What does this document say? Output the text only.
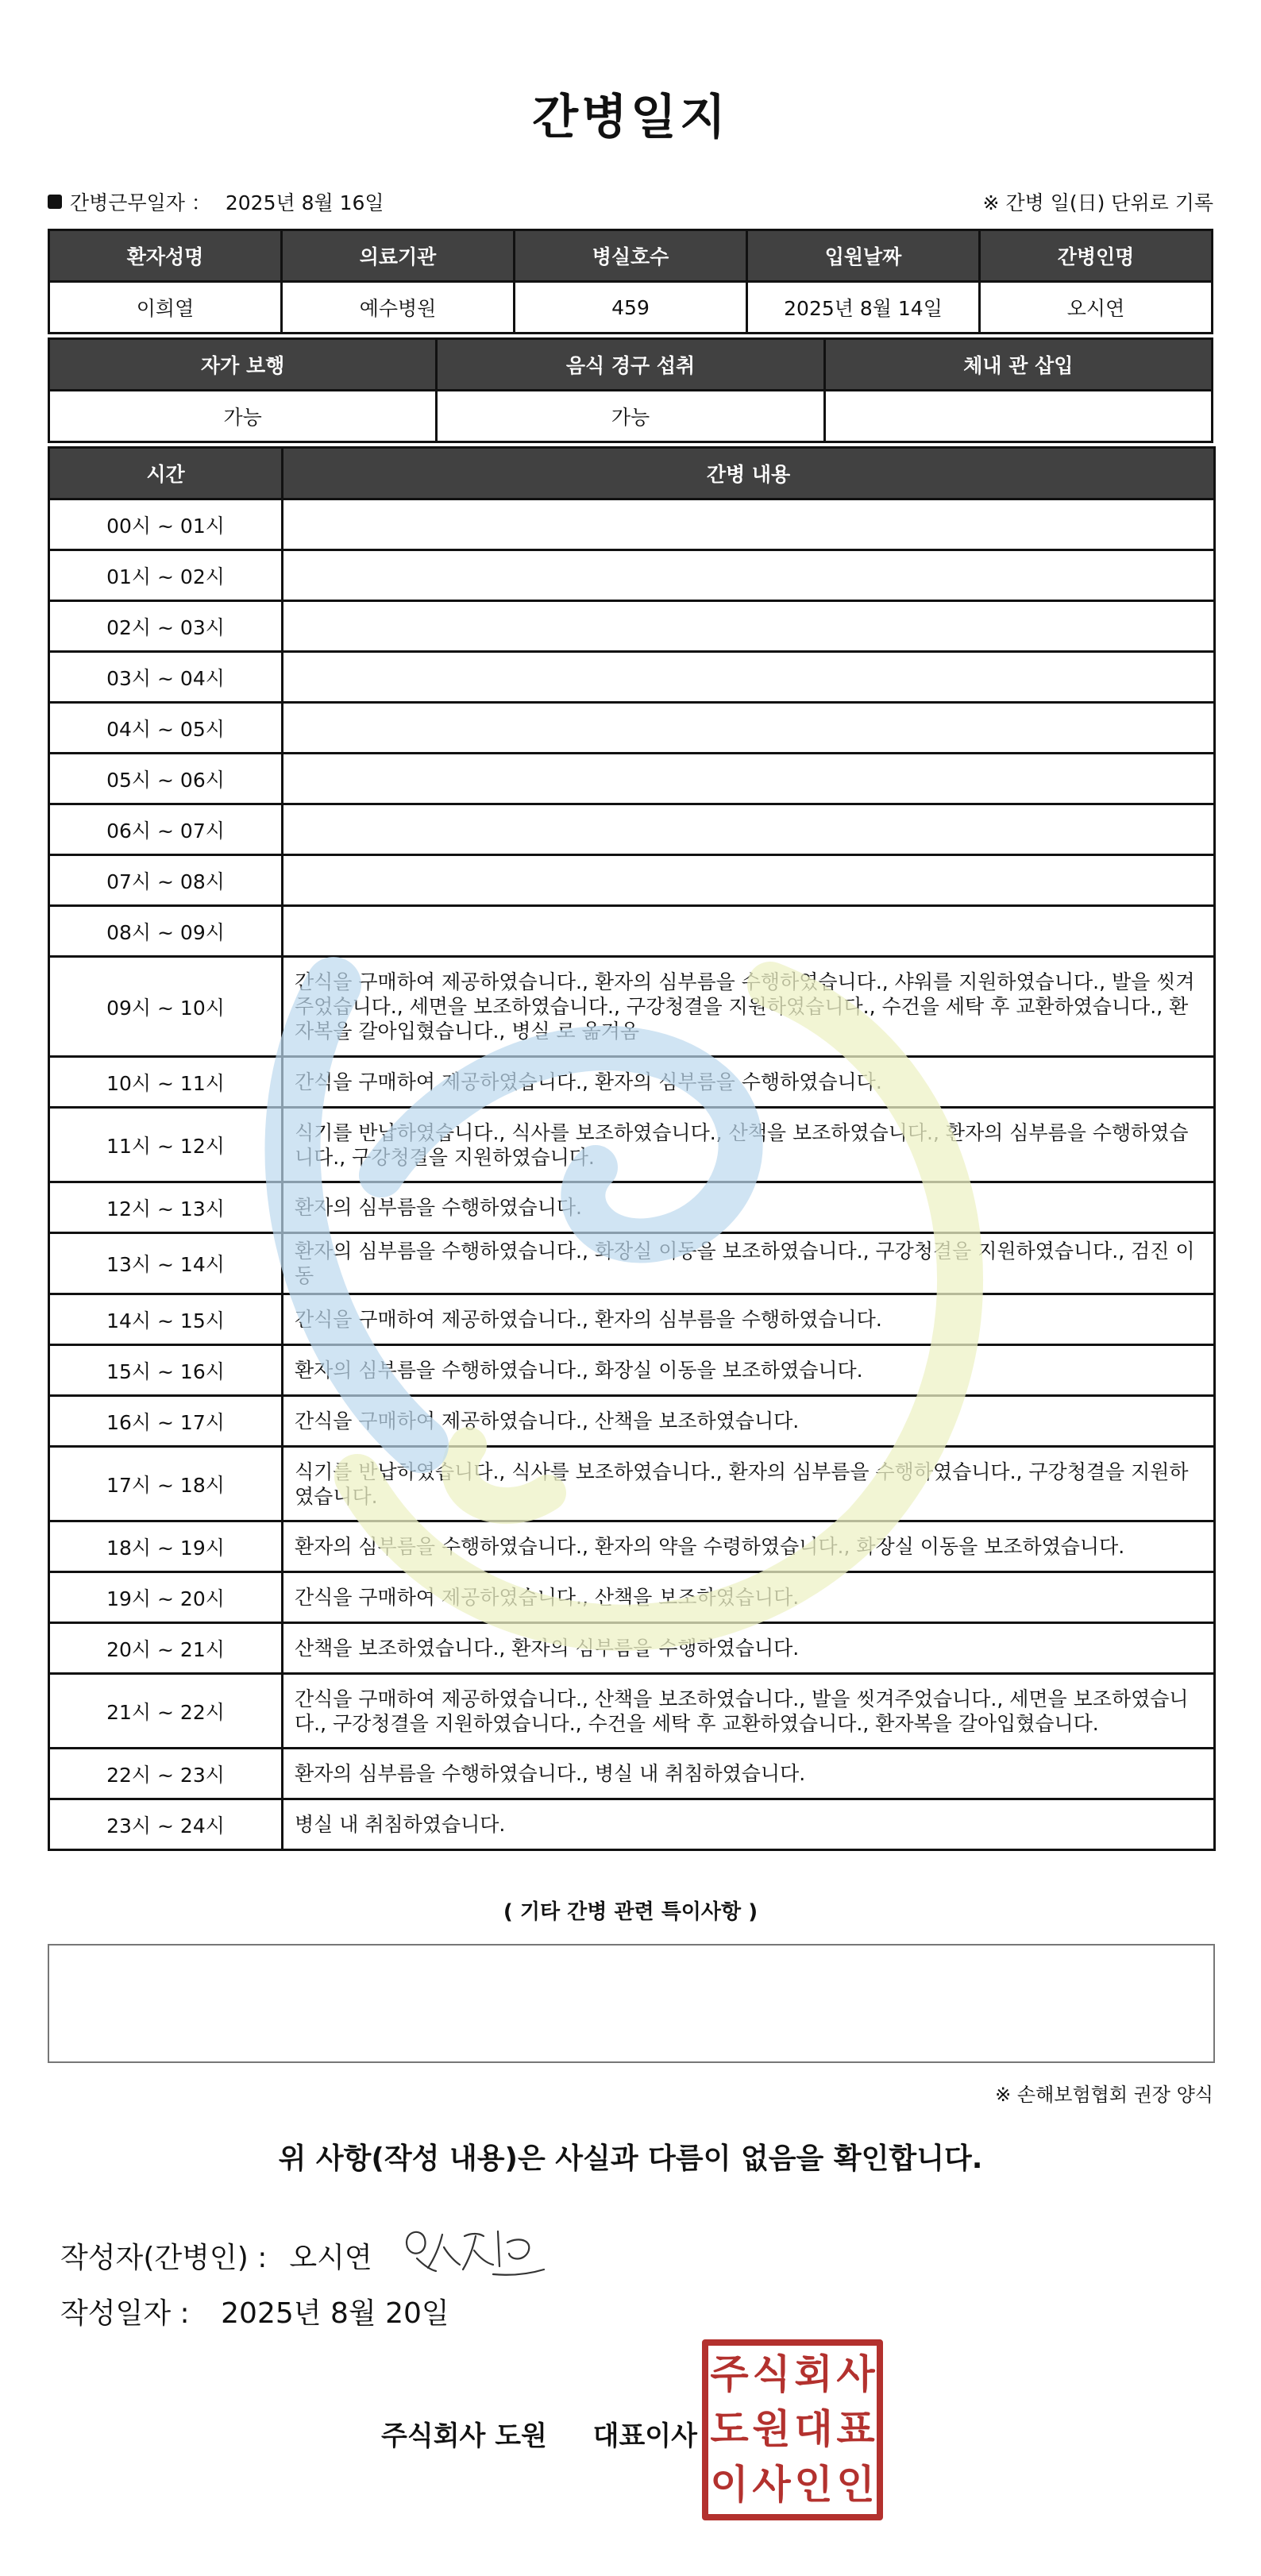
간병일지
간병근무일자 ： 2025년 8월 16일	※ 간병 일(日) 단위로 기록
환자성명	의료기관	병실호수	입원날짜	간병인명
이희열	예수병원	459	2025년 8월 14일	오시연
자가 보행	음식 경구 섭취	체내 관 삽입
가능	가능	
시간	간병 내용
00시 ~ 01시	
01시 ~ 02시	
02시 ~ 03시	
03시 ~ 04시	
04시 ~ 05시	
05시 ~ 06시	
06시 ~ 07시	
07시 ~ 08시	
08시 ~ 09시	
09시 ~ 10시	간식을 구매하여 제공하였습니다., 환자의 심부름을 수행하였습니다., 샤워를 지원하였습니다., 발을 씻겨주었습니다., 세면을 보조하였습니다., 구강청결을 지원하였습니다., 수건을 세탁 후 교환하였습니다., 환자복을 갈아입혔습니다., 병실 로 옮겨옴
10시 ~ 11시	간식을 구매하여 제공하였습니다., 환자의 심부름을 수행하였습니다.
11시 ~ 12시	식기를 반납하였습니다., 식사를 보조하였습니다., 산책을 보조하였습니다., 환자의 심부름을 수행하였습니다., 구강청결을 지원하였습니다.
12시 ~ 13시	환자의 심부름을 수행하였습니다.
13시 ~ 14시	환자의 심부름을 수행하였습니다., 화장실 이동을 보조하였습니다., 구강청결을 지원하였습니다., 검진 이동
14시 ~ 15시	간식을 구매하여 제공하였습니다., 환자의 심부름을 수행하였습니다.
15시 ~ 16시	환자의 심부름을 수행하였습니다., 화장실 이동을 보조하였습니다.
16시 ~ 17시	간식을 구매하여 제공하였습니다., 산책을 보조하였습니다.
17시 ~ 18시	식기를 반납하였습니다., 식사를 보조하였습니다., 환자의 심부름을 수행하였습니다., 구강청결을 지원하였습니다.
18시 ~ 19시	환자의 심부름을 수행하였습니다., 환자의 약을 수령하였습니다., 화장실 이동을 보조하였습니다.
19시 ~ 20시	간식을 구매하여 제공하였습니다., 산책을 보조하였습니다.
20시 ~ 21시	산책을 보조하였습니다., 환자의 심부름을 수행하였습니다.
21시 ~ 22시	간식을 구매하여 제공하였습니다., 산책을 보조하였습니다., 발을 씻겨주었습니다., 세면을 보조하였습니다., 구강청결을 지원하였습니다., 수건을 세탁 후 교환하였습니다., 환자복을 갈아입혔습니다.
22시 ~ 23시	환자의 심부름을 수행하였습니다., 병실 내 취침하였습니다.
23시 ~ 24시	병실 내 취침하였습니다.
( 기타 간병 관련 특이사항 )
※ 손해보험협회 권장 양식
위 사항(작성 내용)은 사실과 다름이 없음을 확인합니다.
작성자(간병인) : 오시연
작성일자 : 2025년 8월 20일
주식회사 도원 대표이사
주 식 회 사
도 원 대 표
이 사 인 인
